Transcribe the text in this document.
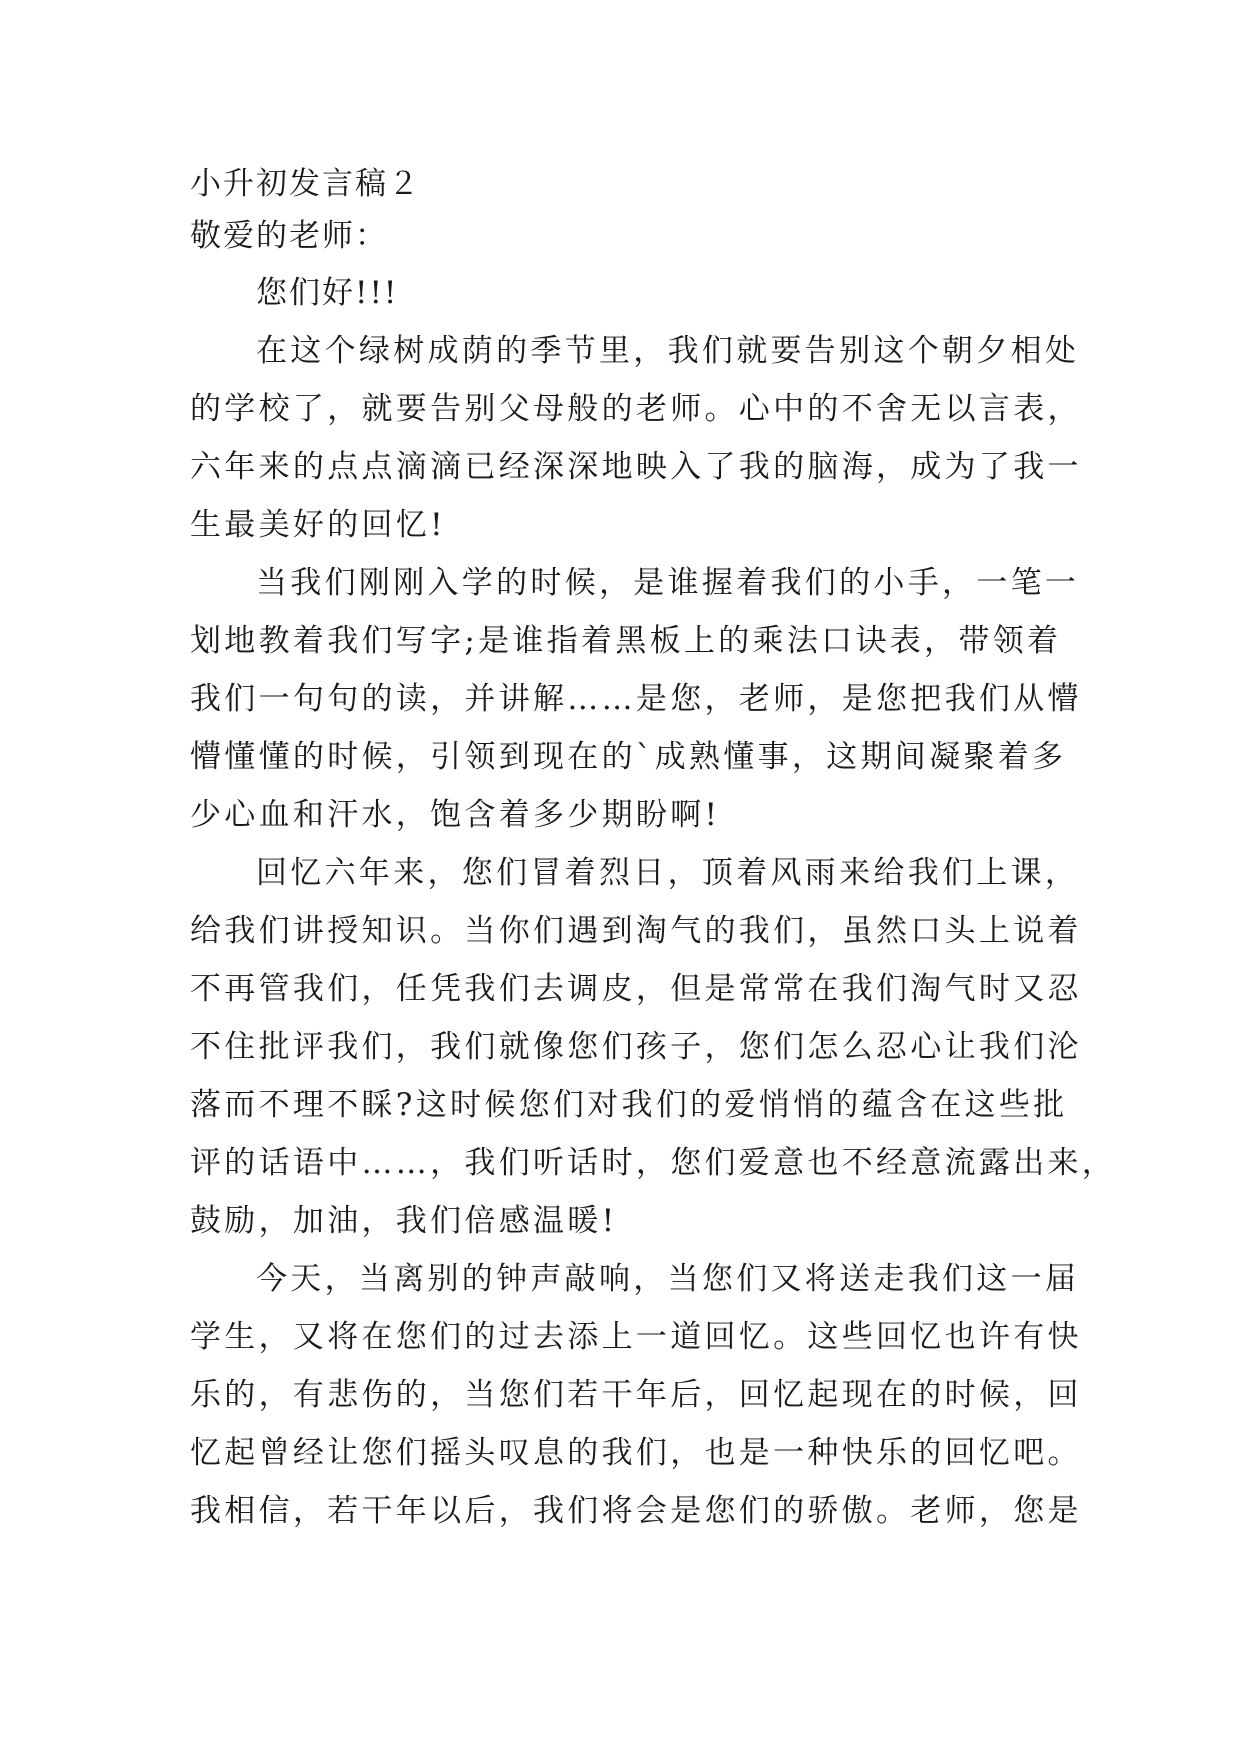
小升初发言稿２
敬爱的老师：
您们好!!!
在这个绿树成荫的季节里，我们就要告别这个朝夕相处
的学校了，就要告别父母般的老师。心中的不舍无以言表，
六年来的点点滴滴已经深深地映入了我的脑海，成为了我一
生最美好的回忆!
当我们刚刚入学的时候，是谁握着我们的小手，一笔一
划地教着我们写字;是谁指着黑板上的乘法口诀表，带领着
我们一句句的读，并讲解……是您，老师，是您把我们从懵
懵懂懂的时候，引领到现在的`成熟懂事，这期间凝聚着多
少心血和汗水，饱含着多少期盼啊!
回忆六年来，您们冒着烈日，顶着风雨来给我们上课，
给我们讲授知识。当你们遇到淘气的我们，虽然口头上说着
不再管我们，任凭我们去调皮，但是常常在我们淘气时又忍
不住批评我们，我们就像您们孩子，您们怎么忍心让我们沦
落而不理不睬?这时候您们对我们的爱悄悄的蕴含在这些批
评的话语中……，我们听话时，您们爱意也不经意流露出来，
鼓励，加油，我们倍感温暖!
今天，当离别的钟声敲响，当您们又将送走我们这一届
学生，又将在您们的过去添上一道回忆。这些回忆也许有快
乐的，有悲伤的，当您们若干年后，回忆起现在的时候，回
忆起曾经让您们摇头叹息的我们，也是一种快乐的回忆吧。
我相信，若干年以后，我们将会是您们的骄傲。老师，您是
